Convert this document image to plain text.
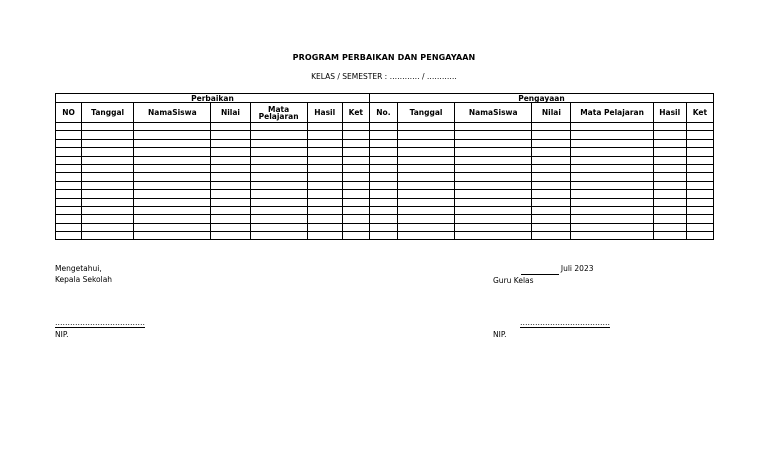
PROGRAM PERBAIKAN DAN PENGAYAAN
KELAS / SEMESTER : ………… / …………
Perbaikan							Pengayaan						
NO	Tanggal	NamaSiswa	Nilai	Mata Pelajaran	Hasil	Ket	No.	Tanggal	NamaSiswa	Nilai	Mata Pelajaran	Hasil	Ket

Mengetahui,
Kepala Sekolah
Juli 2023
Guru Kelas
………………………………
NIP.
………………………………
NIP.
